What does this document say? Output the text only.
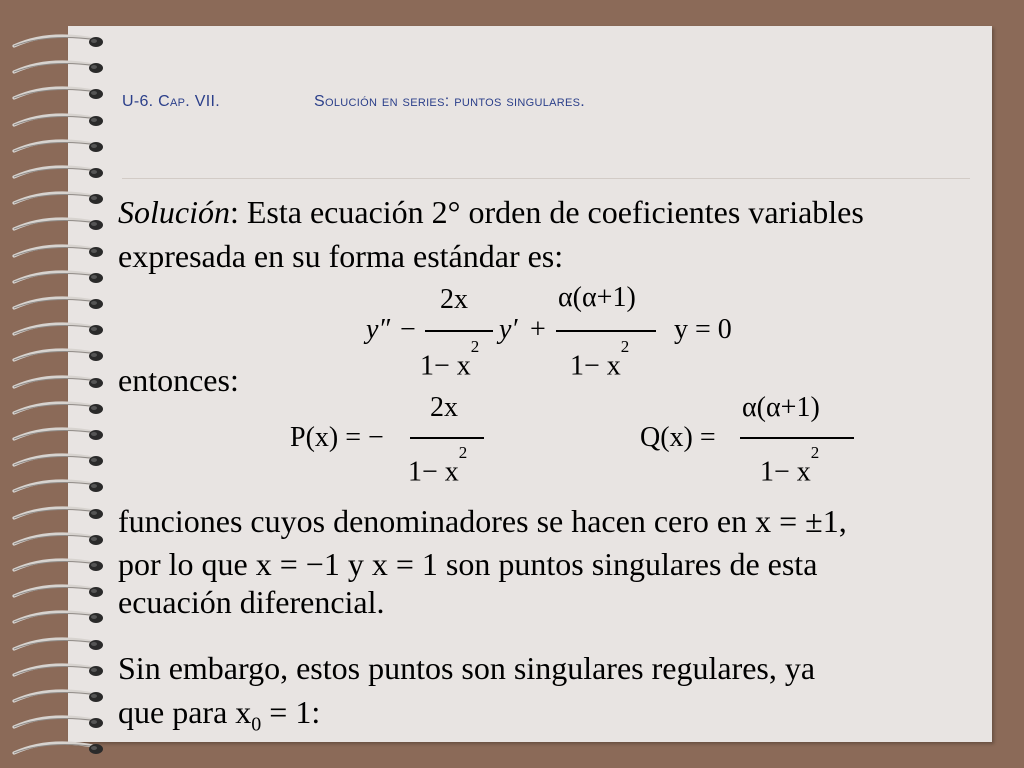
U-6. Cap. VII.	Solución en series: puntos singulares.
Solución: Esta ecuación 2° orden de coeficientes variables
expresada en su forma estándar es:
y″ −
2x
$1- x^2$
y′ +
α(α+1)
$1- x^2$
y = 0
entonces:
P(x) = −
2x
$1- x^2$	Q(x) =
α(α+1)
$1- x^2$
funciones cuyos denominadores se hacen cero en x = ±1,
por lo que x = −1 y x = 1 son puntos singulares de esta
ecuación diferencial.
Sin embargo, estos puntos son singulares regulares, ya
que para $x_0 = 1$:
